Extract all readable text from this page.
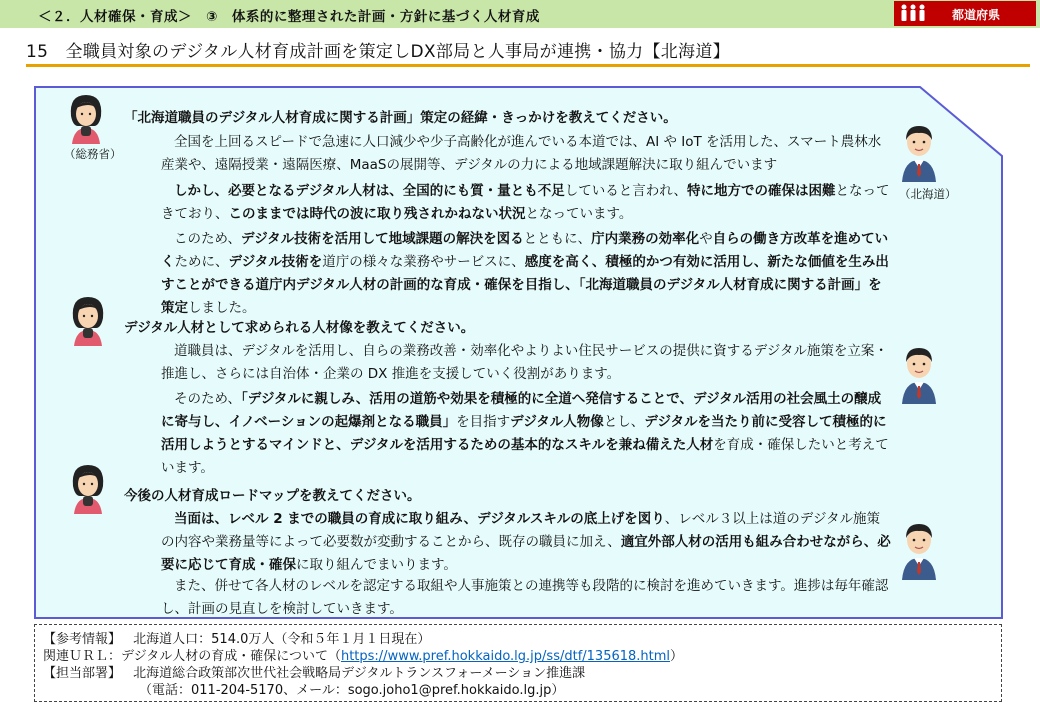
＜２．人材確保・育成＞　③　体系的に整理された計画・方針に基づく人材育成	都道府県
15　全職員対象のデジタル人材育成計画を策定しDX部局と人事局が連携・協力【北海道】
（総務省）
（北海道）
「北海道職員のデジタル人材育成に関する計画」策定の経緯・きっかけを教えてください。
全国を上回るスピードで急速に人口減少や少子高齢化が進んでいる本道では、AI や IoT を活用した、スマート農林水産業や、遠隔授業・遠隔医療、MaaSの展開等、デジタルの力による地域課題解決に取り組んでいます
しかし、必要となるデジタル人材は、全国的にも質・量とも不足していると言われ、特に地方での確保は困難となってきており、このままでは時代の波に取り残されかねない状況となっています。
このため、デジタル技術を活用して地域課題の解決を図るとともに、庁内業務の効率化や自らの働き方改革を進めていくために、デジタル技術を道庁の様々な業務やサービスに、感度を高く、積極的かつ有効に活用し、新たな価値を生み出すことができる道庁内デジタル人材の計画的な育成・確保を目指し、「北海道職員のデジタル人材育成に関する計画」を策定しました。
デジタル人材として求められる人材像を教えてください。
道職員は、デジタルを活用し、自らの業務改善・効率化やよりよい住民サービスの提供に資するデジタル施策を立案・推進し、さらには自治体・企業の DX 推進を支援していく役割があります。
そのため、「デジタルに親しみ、活用の道筋や効果を積極的に全道へ発信することで、デジタル活用の社会風土の醸成に寄与し、イノベーションの起爆剤となる職員」を目指すデジタル人物像とし、デジタルを当たり前に受容して積極的に活用しようとするマインドと、デジタルを活用するための基本的なスキルを兼ね備えた人材を育成・確保したいと考えています。
今後の人材育成ロードマップを教えてください。
当面は、レベル 2 までの職員の育成に取り組み、デジタルスキルの底上げを図り、レベル３以上は道のデジタル施策の内容や業務量等によって必要数が変動することから、既存の職員に加え、適宜外部人材の活用も組み合わせながら、必要に応じて育成・確保に取り組んでまいります。
また、併せて各人材のレベルを認定する取組や人事施策との連携等も段階的に検討を進めていきます。進捗は毎年確認し、計画の見直しを検討していきます。
【参考情報】 北海道人口：514.0万人（令和５年１月１日現在）
関連ＵＲＬ：デジタル人材の育成・確保について（https://www.pref.hokkaido.lg.jp/ss/dtf/135618.html）
【担当部署】 北海道総合政策部次世代社会戦略局デジタルトランスフォーメーション推進課
（電話：011-204-5170、メール：sogo.joho1@pref.hokkaido.lg.jp）
